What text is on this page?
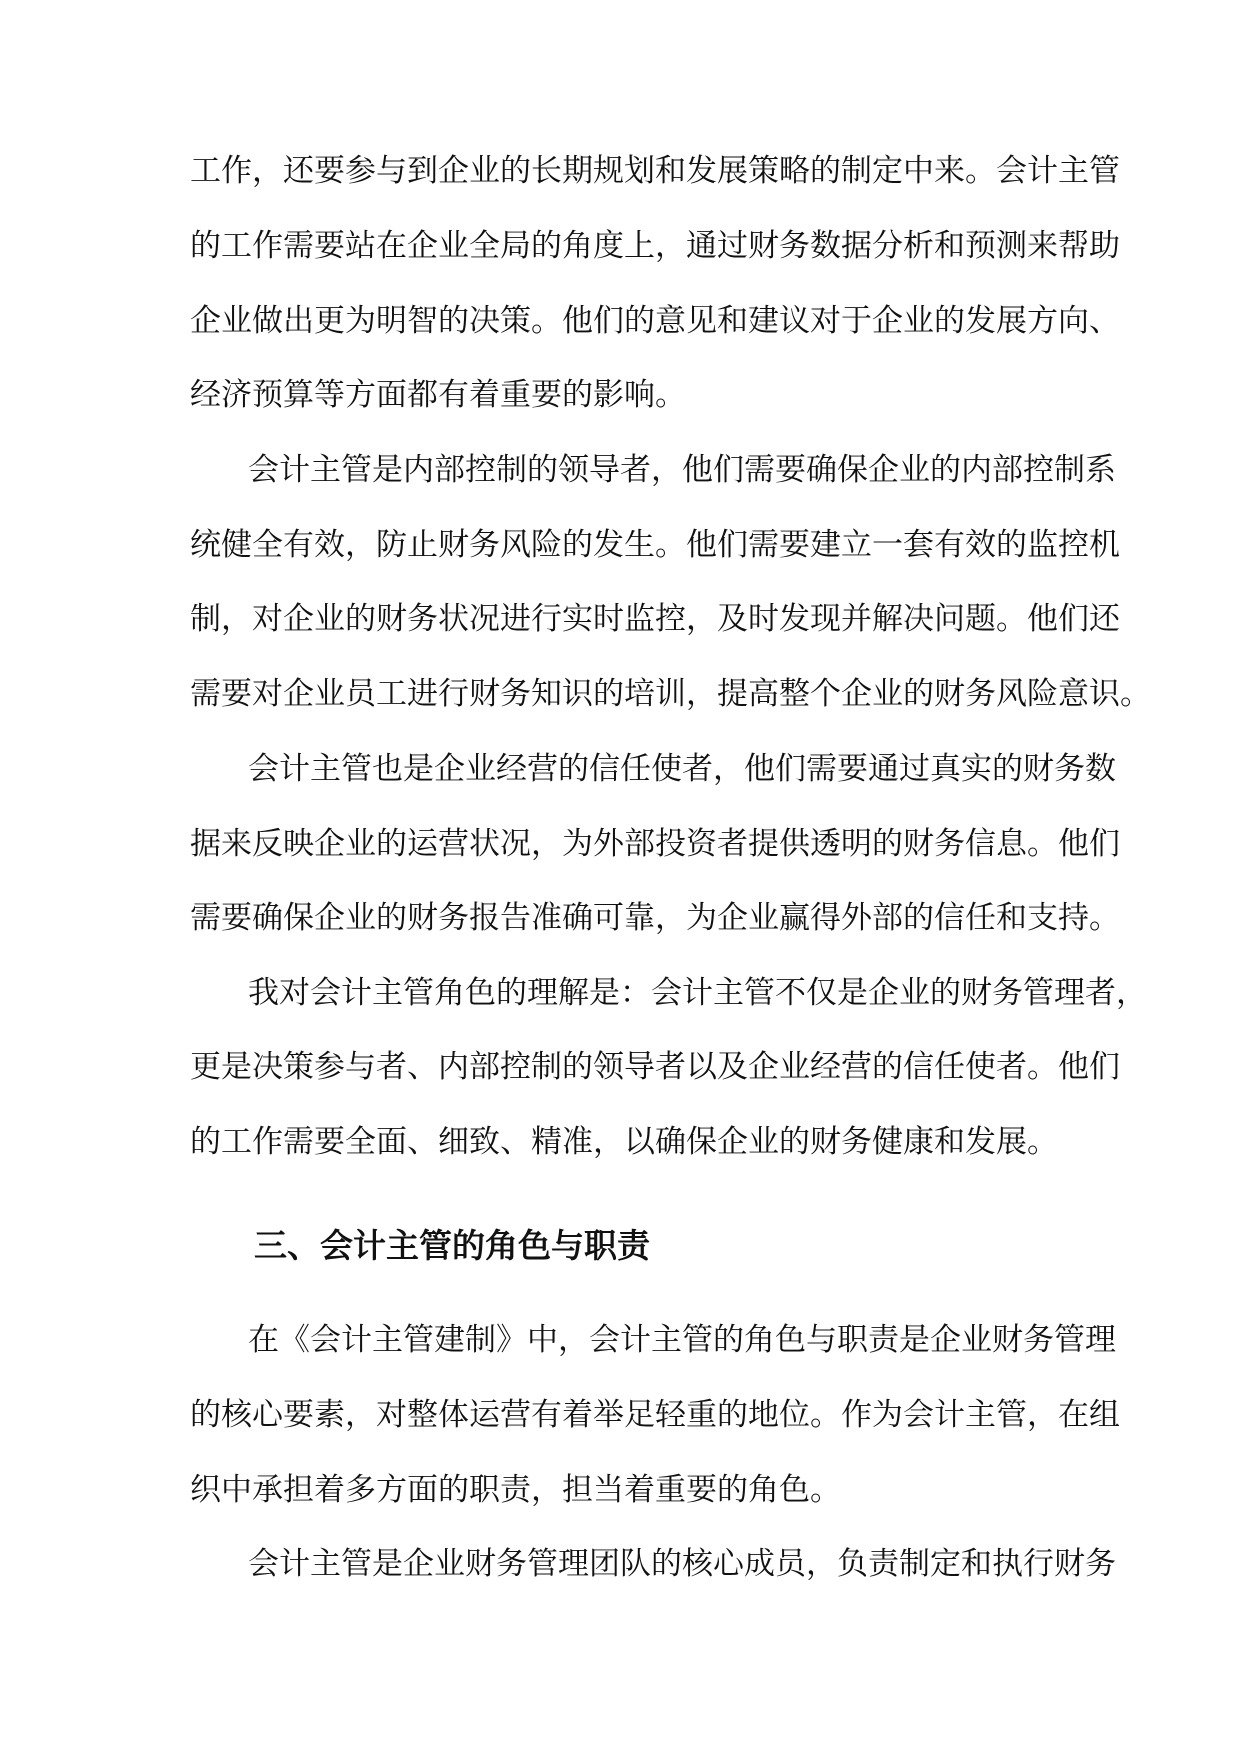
工作，还要参与到企业的长期规划和发展策略的制定中来。会计主管
的工作需要站在企业全局的角度上，通过财务数据分析和预测来帮助
企业做出更为明智的决策。他们的意见和建议对于企业的发展方向、
经济预算等方面都有着重要的影响。
会计主管是内部控制的领导者，他们需要确保企业的内部控制系
统健全有效，防止财务风险的发生。他们需要建立一套有效的监控机
制，对企业的财务状况进行实时监控，及时发现并解决问题。他们还
需要对企业员工进行财务知识的培训，提高整个企业的财务风险意识。
会计主管也是企业经营的信任使者，他们需要通过真实的财务数
据来反映企业的运营状况，为外部投资者提供透明的财务信息。他们
需要确保企业的财务报告准确可靠，为企业赢得外部的信任和支持。
我对会计主管角色的理解是：会计主管不仅是企业的财务管理者，
更是决策参与者、内部控制的领导者以及企业经营的信任使者。他们
的工作需要全面、细致、精准，以确保企业的财务健康和发展。
三、会计主管的角色与职责
在《会计主管建制》中，会计主管的角色与职责是企业财务管理
的核心要素，对整体运营有着举足轻重的地位。作为会计主管，在组
织中承担着多方面的职责，担当着重要的角色。
会计主管是企业财务管理团队的核心成员，负责制定和执行财务
